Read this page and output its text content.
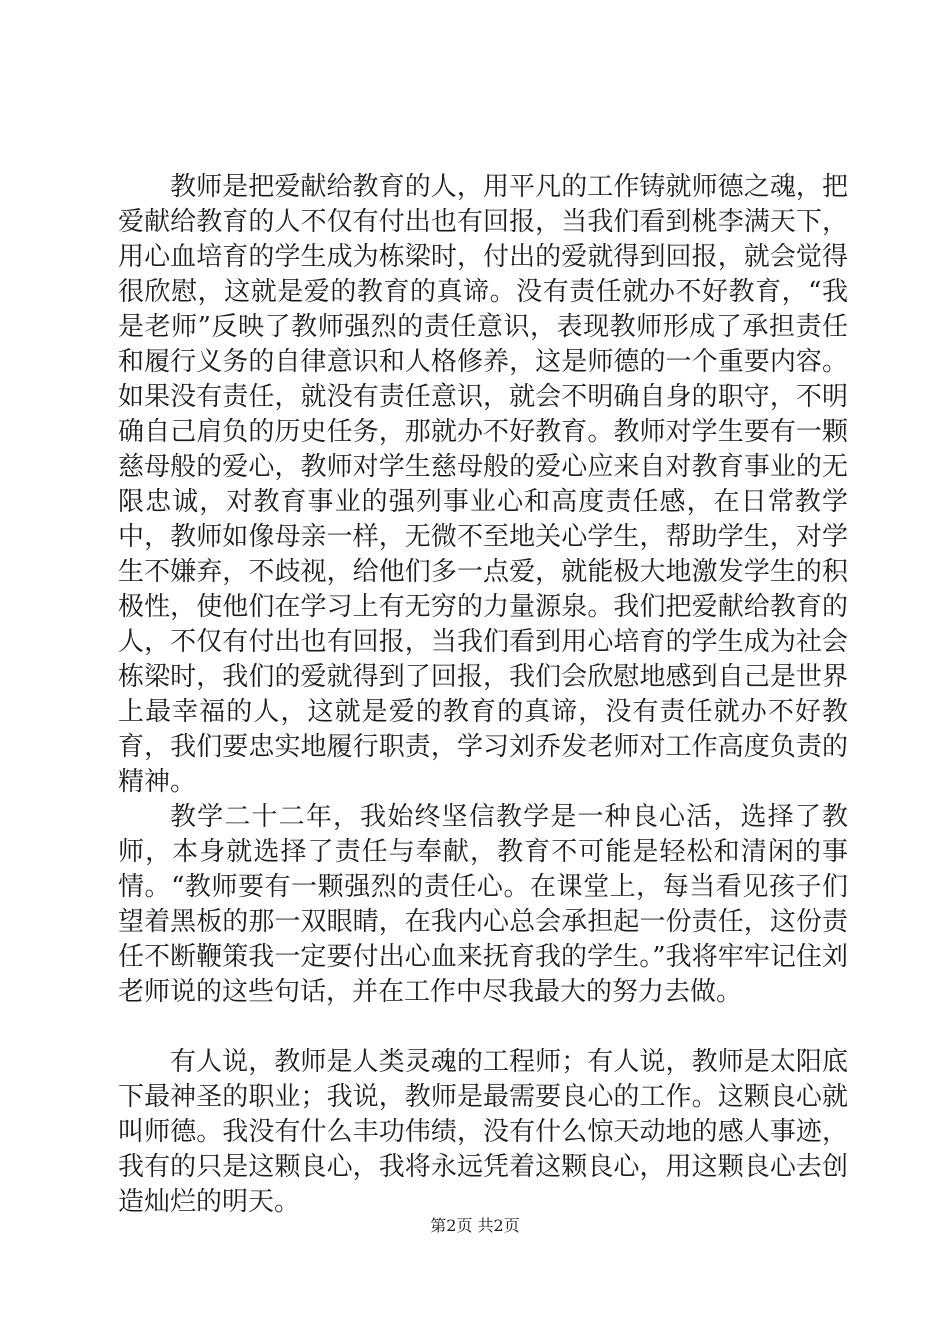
教师是把爱献给教育的人，用平凡的工作铸就师德之魂，把爱献给教育的人不仅有付出也有回报，当我们看到桃李满天下，用心血培育的学生成为栋梁时，付出的爱就得到回报，就会觉得很欣慰，这就是爱的教育的真谛。没有责任就办不好教育，“我是老师”反映了教师强烈的责任意识，表现教师形成了承担责任和履行义务的自律意识和人格修养，这是师德的一个重要内容。如果没有责任，就没有责任意识，就会不明确自身的职守，不明确自己肩负的历史任务，那就办不好教育。教师对学生要有一颗慈母般的爱心，教师对学生慈母般的爱心应来自对教育事业的无限忠诚，对教育事业的强列事业心和高度责任感，在日常教学中，教师如像母亲一样，无微不至地关心学生，帮助学生，对学生不嫌弃，不歧视，给他们多一点爱，就能极大地激发学生的积极性，使他们在学习上有无穷的力量源泉。我们把爱献给教育的人，不仅有付出也有回报，当我们看到用心培育的学生成为社会栋梁时，我们的爱就得到了回报，我们会欣慰地感到自己是世界上最幸福的人，这就是爱的教育的真谛，没有责任就办不好教育，我们要忠实地履行职责，学习刘乔发老师对工作高度负责的精神。

教学二十二年，我始终坚信教学是一种良心活，选择了教师，本身就选择了责任与奉献，教育不可能是轻松和清闲的事情。“教师要有一颗强烈的责任心。在课堂上，每当看见孩子们望着黑板的那一双眼睛，在我内心总会承担起一份责任，这份责任不断鞭策我一定要付出心血来抚育我的学生。”我将牢牢记住刘老师说的这些句话，并在工作中尽我最大的努力去做。

有人说，教师是人类灵魂的工程师；有人说，教师是太阳底下最神圣的职业；我说，教师是最需要良心的工作。这颗良心就叫师德。我没有什么丰功伟绩，没有什么惊天动地的感人事迹，我有的只是这颗良心，我将永远凭着这颗良心，用这颗良心去创造灿烂的明天。

第2页 共2页
